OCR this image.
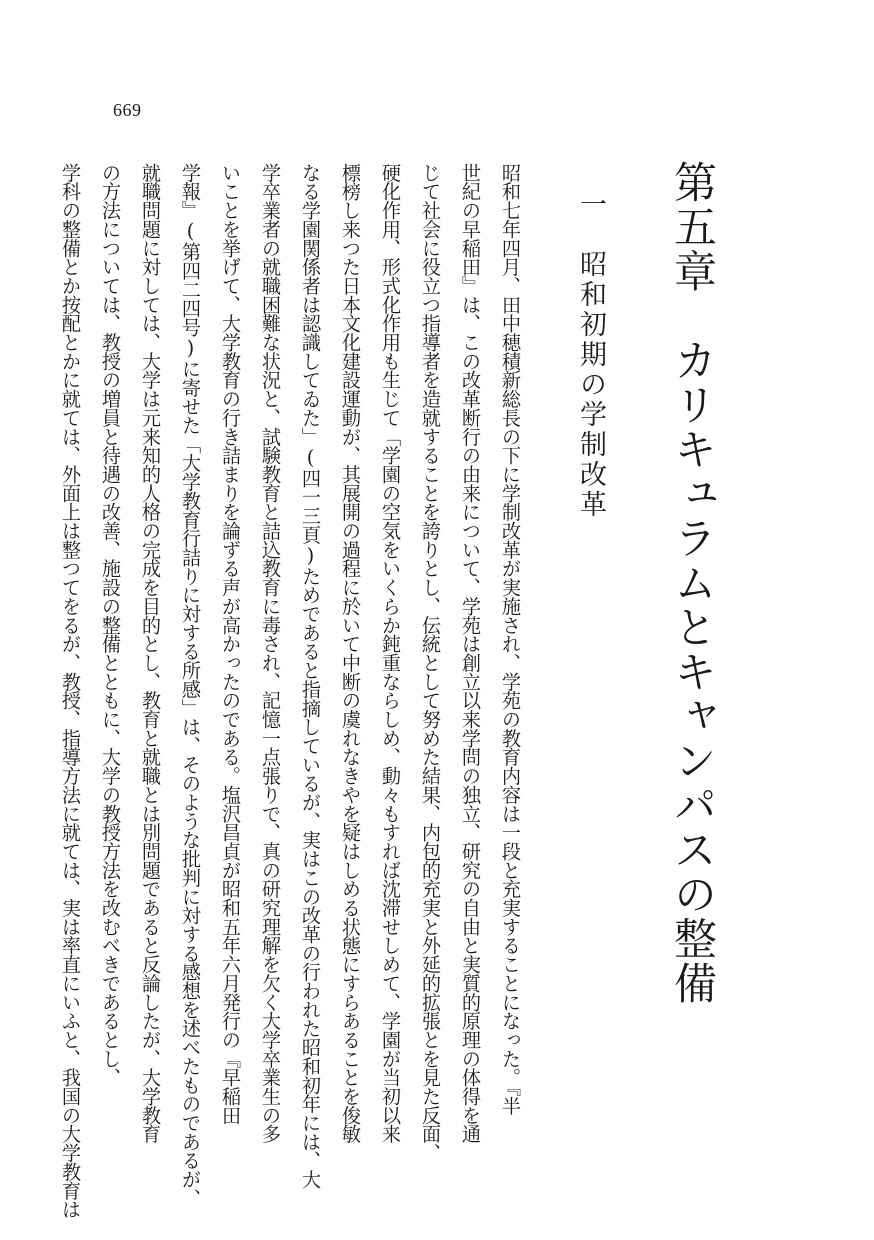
669
第五章　カリキュラムとキャンパスの整備
一　昭和初期の学制改革
昭和七年四月、田中穂積新総長の下に学制改革が実施され、学苑の教育内容は一段と充実することになった。『半
世紀の早稲田』は、この改革断行の由来について、学苑は創立以来学問の独立、研究の自由と実質的原理の体得を通
じて社会に役立つ指導者を造就することを誇りとし、伝統として努めた結果、内包的充実と外延的拡張とを見た反面、
硬化作用、形式化作用も生じて「学園の空気をいくらか鈍重ならしめ、動々もすれば沈滞せしめて、学園が当初以来
標榜し来つた日本文化建設運動が、其展開の過程に於いて中断の虞れなきやを疑はしめる状態にすらあることを俊敏
なる学園関係者は認識してゐた」(四一三頁)ためであると指摘しているが、実はこの改革の行われた昭和初年には、大
学卒業者の就職困難な状況と、試験教育と詰込教育に毒され、記憶一点張りで、真の研究理解を欠く大学卒業生の多
いことを挙げて、大学教育の行き詰まりを論ずる声が高かったのである。塩沢昌貞が昭和五年六月発行の『早稲田
学報』(第四二四号)に寄せた「大学教育行詰りに対する所感」は、そのような批判に対する感想を述べたものであるが、
就職問題に対しては、大学は元来知的人格の完成を目的とし、教育と就職とは別問題であると反論したが、大学教育
の方法については、教授の増員と待遇の改善、施設の整備とともに、大学の教授方法を改むべきであるとし、
学科の整備とか按配とかに就ては、外面上は整つてをるが、教授、指導方法に就ては、実は率直にいふと、我国の大学教育は
